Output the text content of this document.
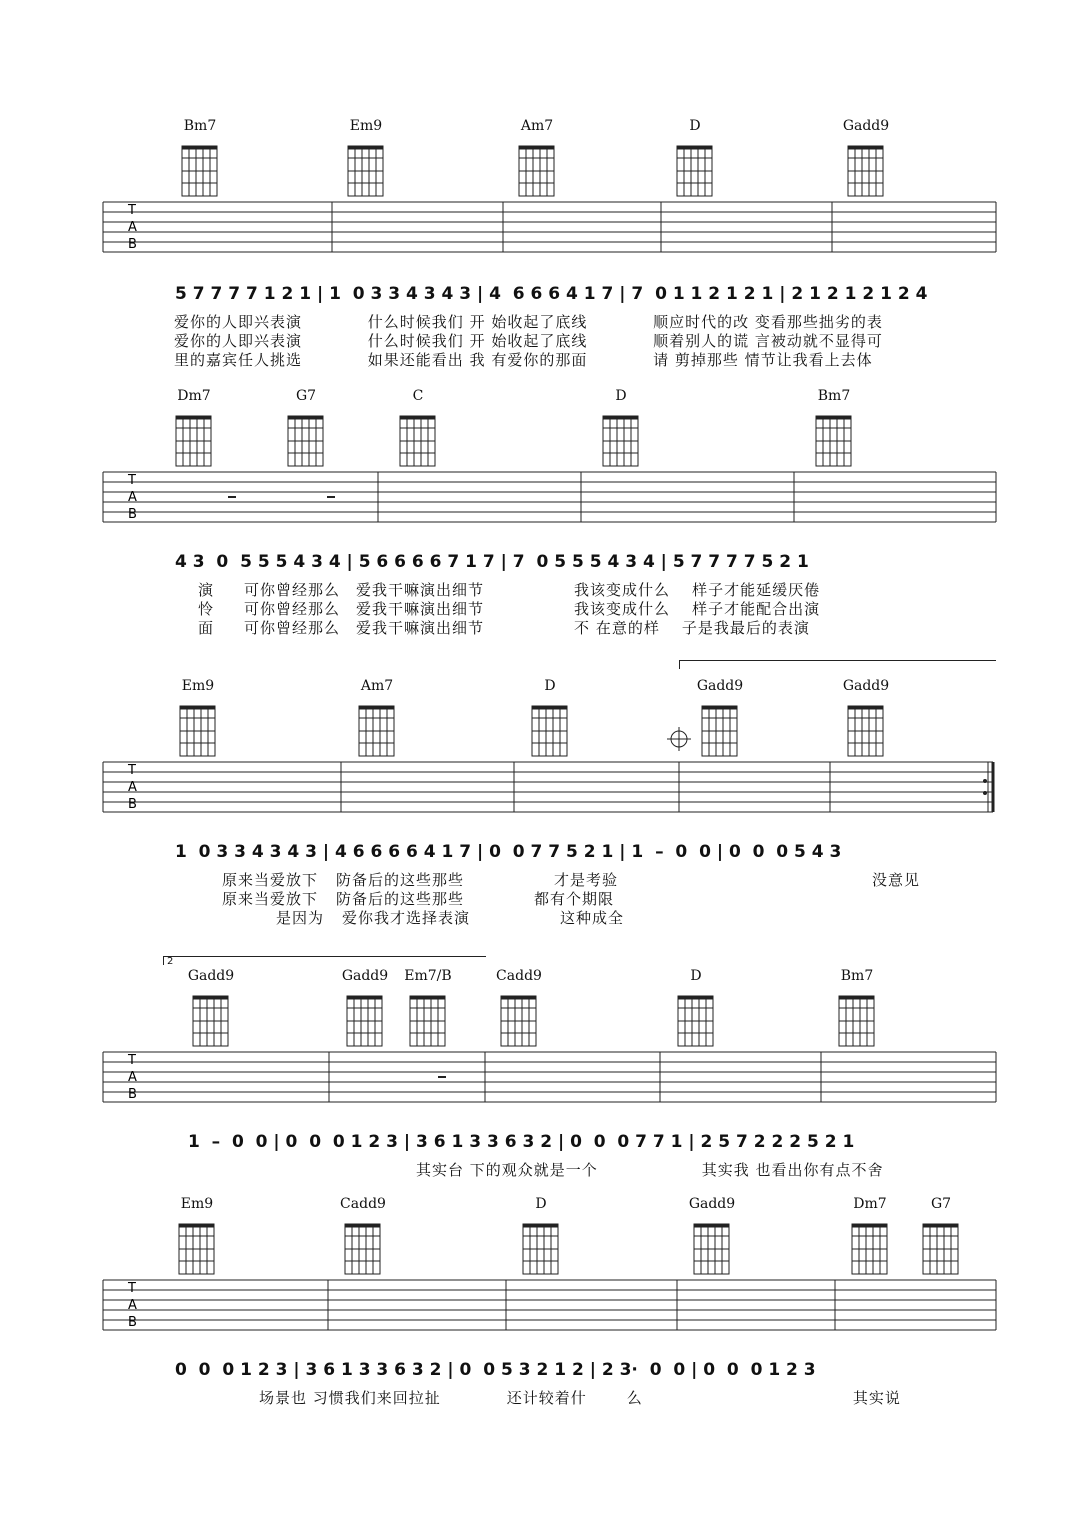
Bm7	Em9	Am7	D	Gadd9
T
A
B
5 7 7 7 7 1 2 1 | 1  0 3 3 4 3 4 3 | 4  6 6 6 4 1 7 | 7  0 1 1 2 1 2 1 | 2 1 2 1 2 1 2 4
爱你的人即兴表演	什么时候我们 开 始收起了底线	顺应时代的改 变看那些拙劣的表
爱你的人即兴表演	什么时候我们 开 始收起了底线	顺着别人的谎 言被动就不显得可
里的嘉宾任人挑选	如果还能看出 我 有爱你的那面	请 剪掉那些 情节让我看上去体
Dm7	G7	C	D	Bm7
T
A
B
4 3  0  5 5 5 4 3 4 | 5 6 6 6 6 7 1 7 | 7  0 5 5 5 4 3 4 | 5 7 7 7 7 5 2 1
演 可你曾经那么 爱我干嘛演出细节	我该变成什么 样子才能延缓厌倦
怜 可你曾经那么 爱我干嘛演出细节	我该变成什么 样子才能配合出演
面 可你曾经那么 爱我干嘛演出细节	不 在意的样 子是我最后的表演
Em9	Am7	D	Gadd9	Gadd9
T
A
B
1  0 3 3 4 3 4 3 | 4 6 6 6 6 4 1 7 | 0  0 7 7 5 2 1 | 1  –  0  0 | 0  0  0 5 4 3
原来当爱放下 防备后的这些那些	才是考验	没意见
原来当爱放下 防备后的这些那些	都有个期限
是因为 爱你我才选择表演	这种成全
2
Gadd9	Gadd9	Em7/B	Cadd9	D	Bm7
T
A
B
1  –  0  0 | 0  0  0 1 2 3 | 3 6 1 3 3 6 3 2 | 0  0  0 7 7 1 | 2 5 7 2 2 2 5 2 1
其实台 下的观众就是一个	其实我 也看出你有点不舍
Em9	Cadd9	D	Gadd9	Dm7	G7
T
A
B
0  0  0 1 2 3 | 3 6 1 3 3 6 3 2 | 0  0 5 3 2 1 2 | 2 3·  0  0 | 0  0  0 1 2 3
场景也 习惯我们来回拉扯	还计较着什	么	其实说
